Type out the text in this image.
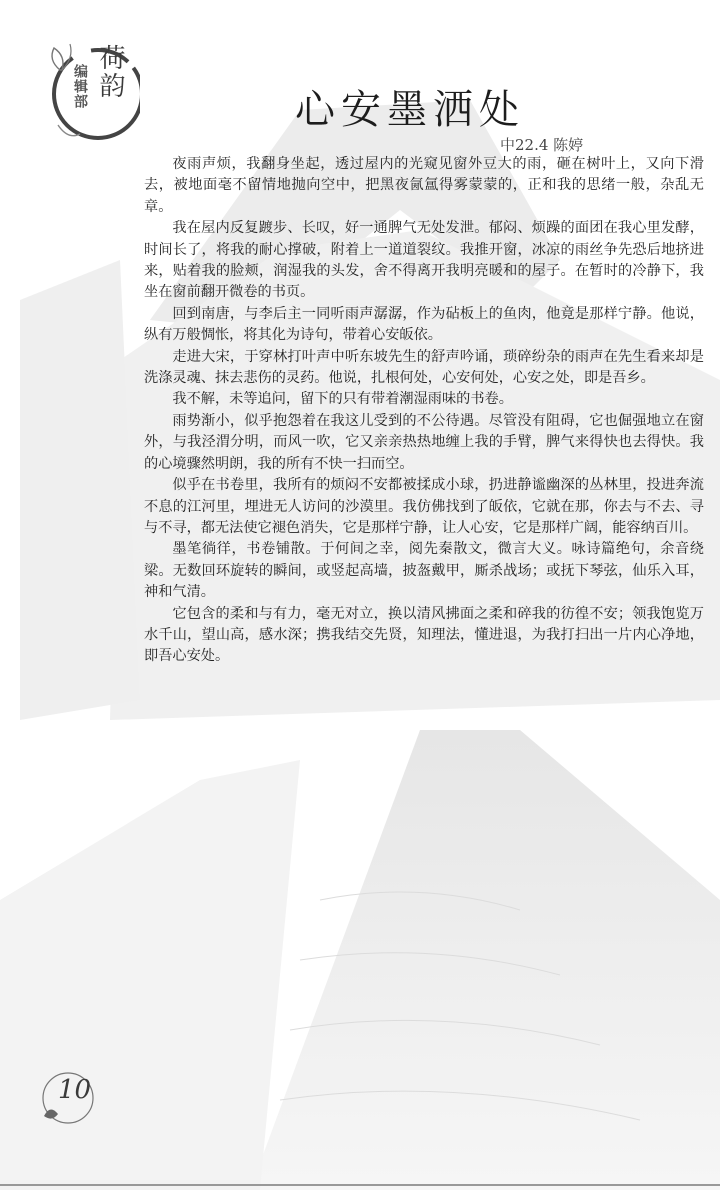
荷韵
编辑部
心安墨洒处
中22.4 陈婷

夜雨声烦，我翻身坐起，透过屋内的光窥见窗外豆大的雨，砸在树叶上，又向下滑去，被地面毫不留情地抛向空中，把黑夜氤氲得雾蒙蒙的，正和我的思绪一般，杂乱无章。

我在屋内反复踱步、长叹，好一通脾气无处发泄。郁闷、烦躁的面团在我心里发酵，时间长了，将我的耐心撑破，附着上一道道裂纹。我推开窗，冰凉的雨丝争先恐后地挤进来，贴着我的脸颊，润湿我的头发，舍不得离开我明亮暖和的屋子。在暂时的冷静下，我坐在窗前翻开微卷的书页。

回到南唐，与李后主一同听雨声潺潺，作为砧板上的鱼肉，他竟是那样宁静。他说，纵有万般惆怅，将其化为诗句，带着心安皈依。

走进大宋，于穿林打叶声中听东坡先生的舒声吟诵，琐碎纷杂的雨声在先生看来却是洗涤灵魂、抹去悲伤的灵药。他说，扎根何处，心安何处，心安之处，即是吾乡。

我不解，未等追问，留下的只有带着潮湿雨味的书卷。

雨势渐小，似乎抱怨着在我这儿受到的不公待遇。尽管没有阻碍，它也倔强地立在窗外，与我泾渭分明，而风一吹，它又亲亲热热地缠上我的手臂，脾气来得快也去得快。我的心境骤然明朗，我的所有不快一扫而空。

似乎在书卷里，我所有的烦闷不安都被揉成小球，扔进静谧幽深的丛林里，投进奔流不息的江河里，埋进无人访问的沙漠里。我仿佛找到了皈依，它就在那，你去与不去、寻与不寻，都无法使它褪色消失，它是那样宁静，让人心安，它是那样广阔，能容纳百川。

墨笔徜徉，书卷铺散。于何间之幸，阅先秦散文，微言大义。咏诗篇绝句，余音绕梁。无数回环旋转的瞬间，或竖起高墙，披盔戴甲，厮杀战场；或抚下琴弦，仙乐入耳，神和气清。

它包含的柔和与有力，毫无对立，换以清风拂面之柔和碎我的彷徨不安；领我饱览万水千山，望山高，感水深；携我结交先贤，知理法，懂进退，为我打扫出一片内心净地，即吾心安处。

10
